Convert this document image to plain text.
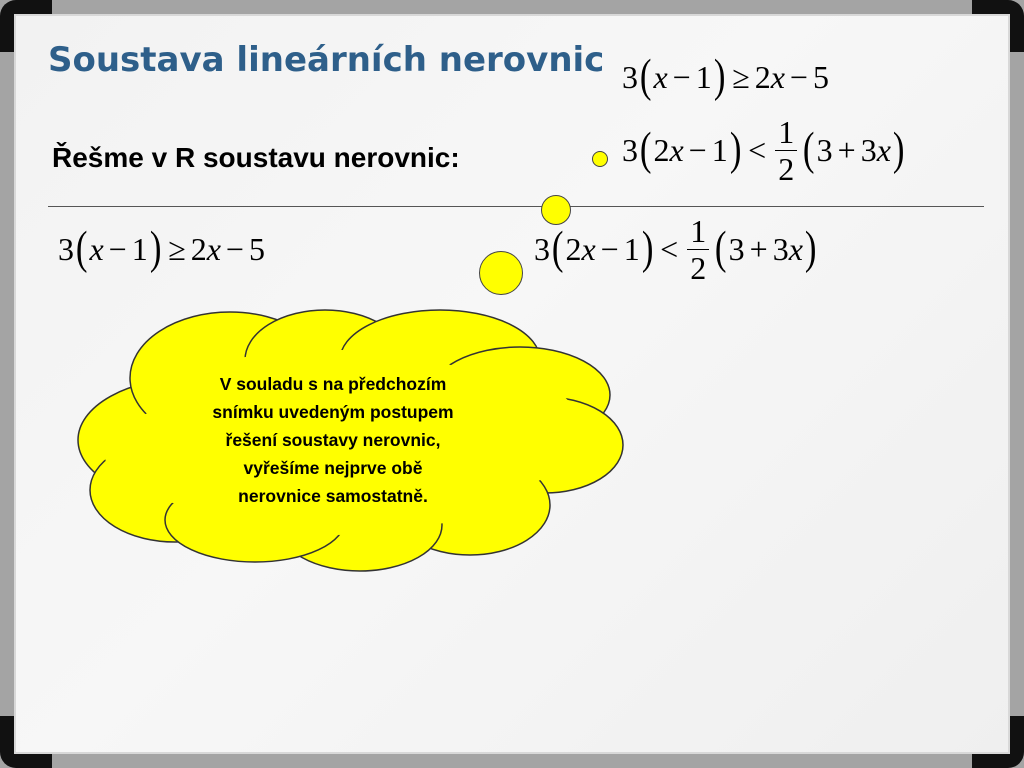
Soustava lineárních nerovnic 3 ( x − 1 ) ≥ 2 x − 5
3 ( 2 x − 1 ) < $\frac{1}{2}$ ( 3 + 3 x )
Řešme v R soustavu nerovnic:
3 ( x − 1 ) ≥ 2 x − 5	3 ( 2 x − 1 ) < $\frac{1}{2}$ ( 3 + 3 x )
V souladu s na předchozím
snímku uvedeným postupem
řešení soustavy nerovnic,
vyřešíme nejprve obě
nerovnice samostatně.
